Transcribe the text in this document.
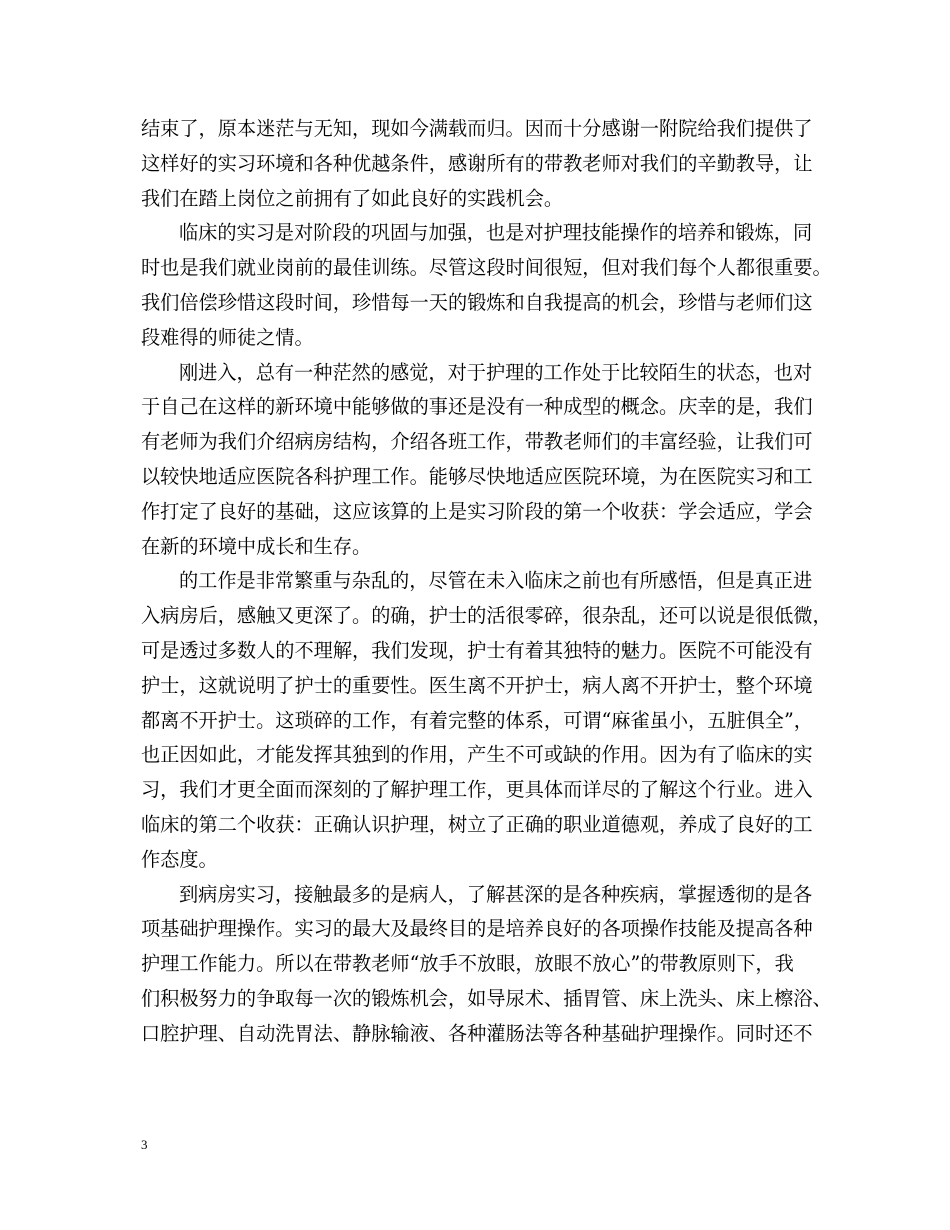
结束了，原本迷茫与无知，现如今满载而归。因而十分感谢一附院给我们提供了
这样好的实习环境和各种优越条件，感谢所有的带教老师对我们的辛勤教导，让
我们在踏上岗位之前拥有了如此良好的实践机会。
临床的实习是对阶段的巩固与加强，也是对护理技能操作的培养和锻炼，同
时也是我们就业岗前的最佳训练。尽管这段时间很短，但对我们每个人都很重要。
我们倍偿珍惜这段时间，珍惜每一天的锻炼和自我提高的机会，珍惜与老师们这
段难得的师徒之情。
刚进入，总有一种茫然的感觉，对于护理的工作处于比较陌生的状态，也对
于自己在这样的新环境中能够做的事还是没有一种成型的概念。庆幸的是，我们
有老师为我们介绍病房结构，介绍各班工作，带教老师们的丰富经验，让我们可
以较快地适应医院各科护理工作。能够尽快地适应医院环境，为在医院实习和工
作打定了良好的基础，这应该算的上是实习阶段的第一个收获：学会适应，学会
在新的环境中成长和生存。
的工作是非常繁重与杂乱的，尽管在未入临床之前也有所感悟，但是真正进
入病房后，感触又更深了。的确，护士的活很零碎，很杂乱，还可以说是很低微，
可是透过多数人的不理解，我们发现，护士有着其独特的魅力。医院不可能没有
护士，这就说明了护士的重要性。医生离不开护士，病人离不开护士，整个环境
都离不开护士。这琐碎的工作，有着完整的体系，可谓“麻雀虽小，五脏俱全”，
也正因如此，才能发挥其独到的作用，产生不可或缺的作用。因为有了临床的实
习，我们才更全面而深刻的了解护理工作，更具体而详尽的了解这个行业。进入
临床的第二个收获：正确认识护理，树立了正确的职业道德观，养成了良好的工
作态度。
到病房实习，接触最多的是病人，了解甚深的是各种疾病，掌握透彻的是各
项基础护理操作。实习的最大及最终目的是培养良好的各项操作技能及提高各种
护理工作能力。所以在带教老师“放手不放眼，放眼不放心”的带教原则下，我
们积极努力的争取每一次的锻炼机会，如导尿术、插胃管、床上洗头、床上檫浴、
口腔护理、自动洗胃法、静脉输液、各种灌肠法等各种基础护理操作。同时还不
3
